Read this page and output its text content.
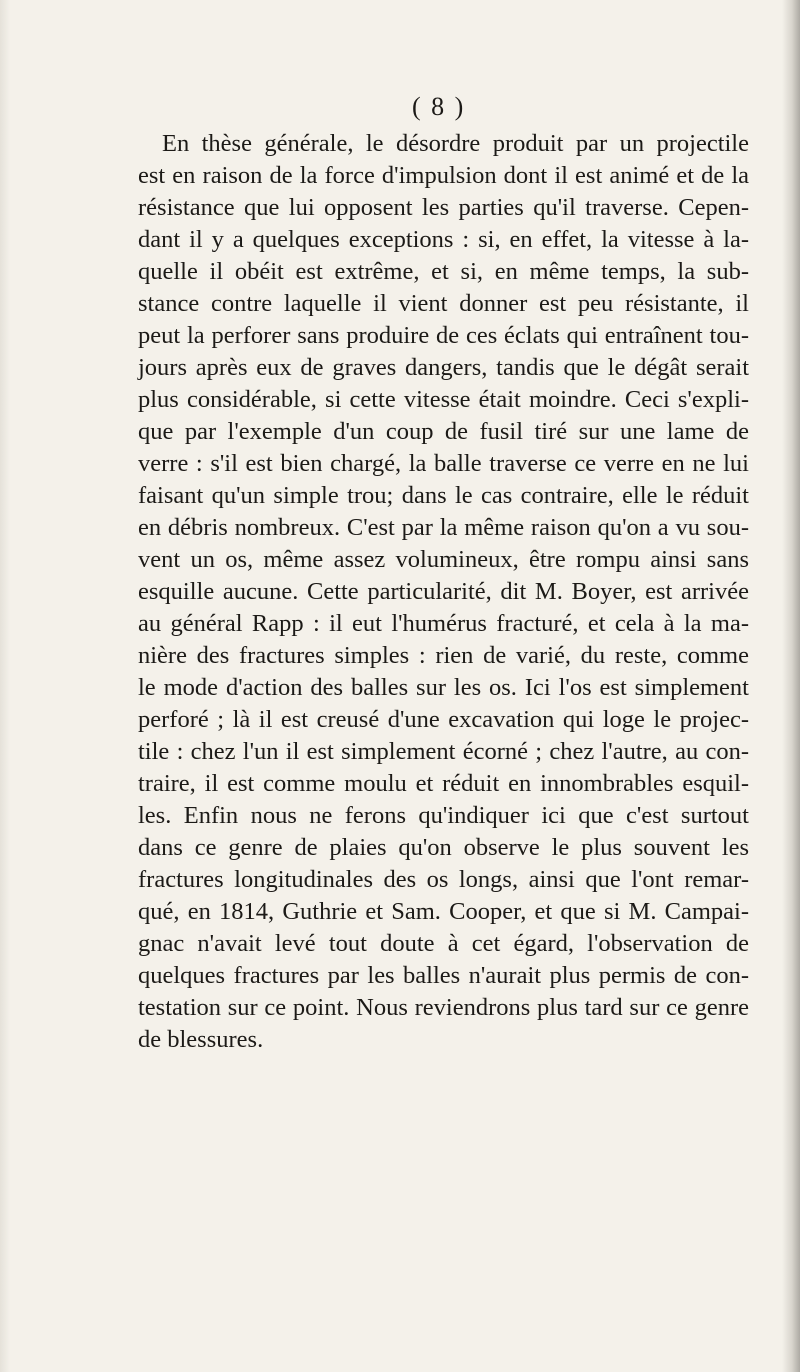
( 8 )
En thèse générale, le désordre produit par un projectile
est en raison de la force d'impulsion dont il est animé et de la
résistance que lui opposent les parties qu'il traverse. Cepen-
dant il y a quelques exceptions : si, en effet, la vitesse à la-
quelle il obéit est extrême, et si, en même temps, la sub-
stance contre laquelle il vient donner est peu résistante, il
peut la perforer sans produire de ces éclats qui entraînent tou-
jours après eux de graves dangers, tandis que le dégât serait
plus considérable, si cette vitesse était moindre. Ceci s'expli-
que par l'exemple d'un coup de fusil tiré sur une lame de
verre : s'il est bien chargé, la balle traverse ce verre en ne lui
faisant qu'un simple trou; dans le cas contraire, elle le réduit
en débris nombreux. C'est par la même raison qu'on a vu sou-
vent un os, même assez volumineux, être rompu ainsi sans
esquille aucune. Cette particularité, dit M. Boyer, est arrivée
au général Rapp : il eut l'humérus fracturé, et cela à la ma-
nière des fractures simples : rien de varié, du reste, comme
le mode d'action des balles sur les os. Ici l'os est simplement
perforé ; là il est creusé d'une excavation qui loge le projec-
tile : chez l'un il est simplement écorné ; chez l'autre, au con-
traire, il est comme moulu et réduit en innombrables esquil-
les. Enfin nous ne ferons qu'indiquer ici que c'est surtout
dans ce genre de plaies qu'on observe le plus souvent les
fractures longitudinales des os longs, ainsi que l'ont remar-
qué, en 1814, Guthrie et Sam. Cooper, et que si M. Campai-
gnac n'avait levé tout doute à cet égard, l'observation de
quelques fractures par les balles n'aurait plus permis de con-
testation sur ce point. Nous reviendrons plus tard sur ce genre
de blessures.
